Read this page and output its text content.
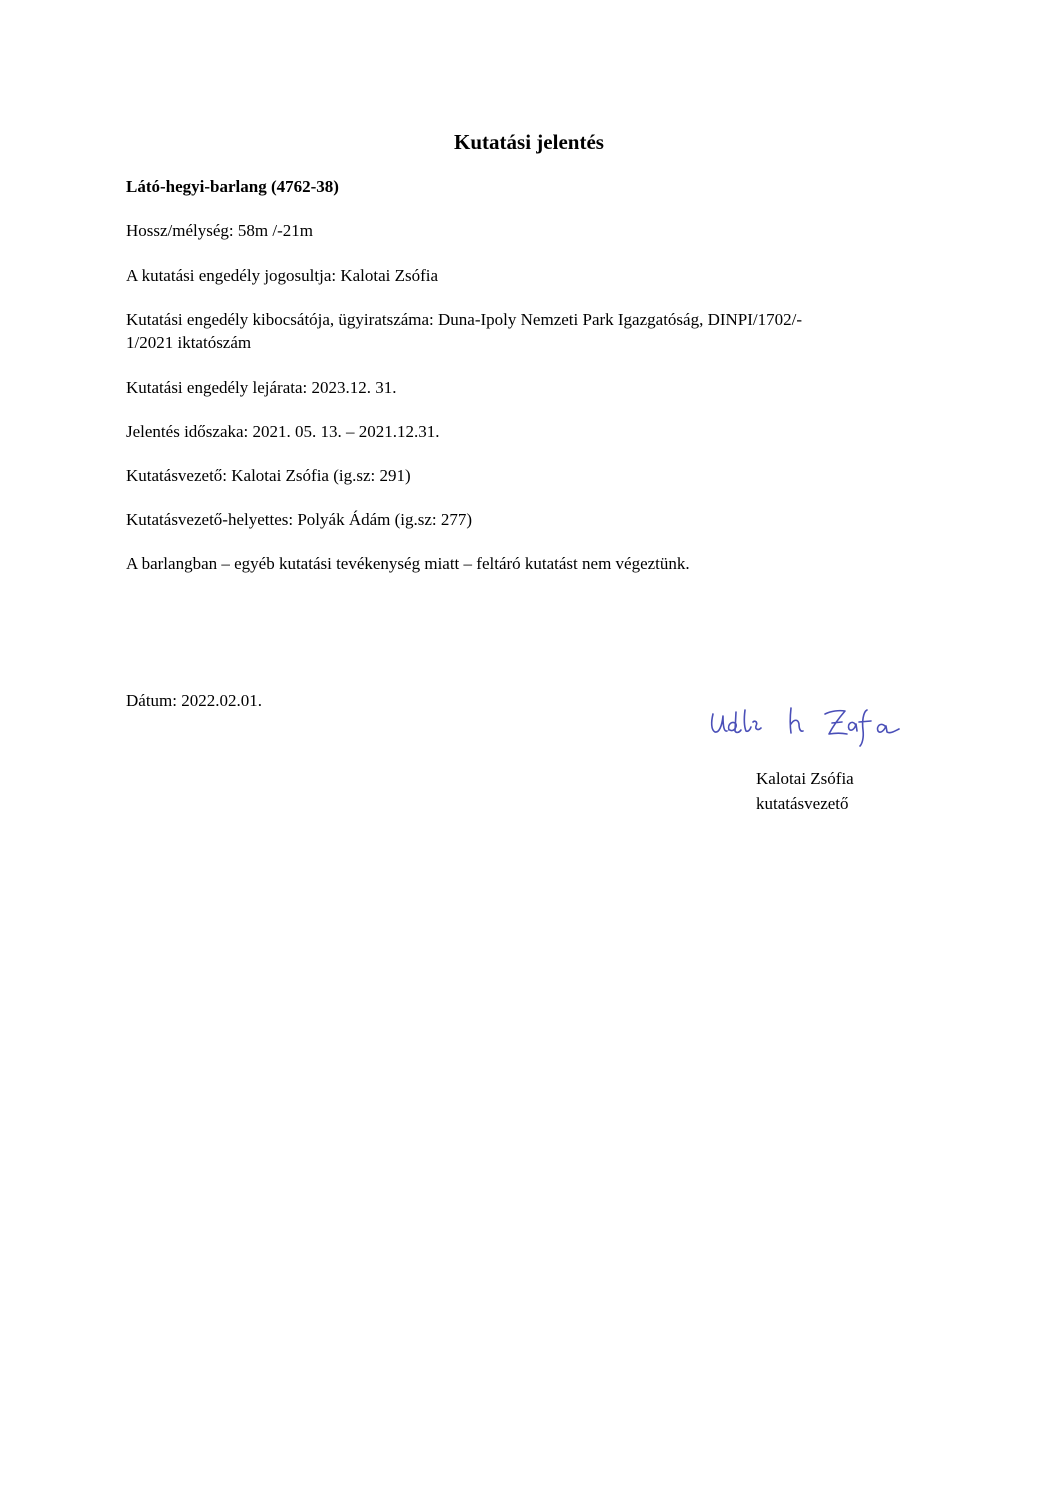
Kutatási jelentés
Látó-hegyi-barlang (4762-38)
Hossz/mélység: 58m /-21m
A kutatási engedély jogosultja: Kalotai Zsófia
Kutatási engedély kibocsátója, ügyiratszáma: Duna-Ipoly Nemzeti Park Igazgatóság, DINPI/1702/-
1/2021 iktatószám
Kutatási engedély lejárata: 2023.12. 31.
Jelentés időszaka: 2021. 05. 13. – 2021.12.31.
Kutatásvezető: Kalotai Zsófia (ig.sz: 291)
Kutatásvezető-helyettes: Polyák Ádám (ig.sz: 277)
A barlangban – egyéb kutatási tevékenység miatt – feltáró kutatást nem végeztünk.
Dátum: 2022.02.01.
Kalotai Zsófia
kutatásvezető
